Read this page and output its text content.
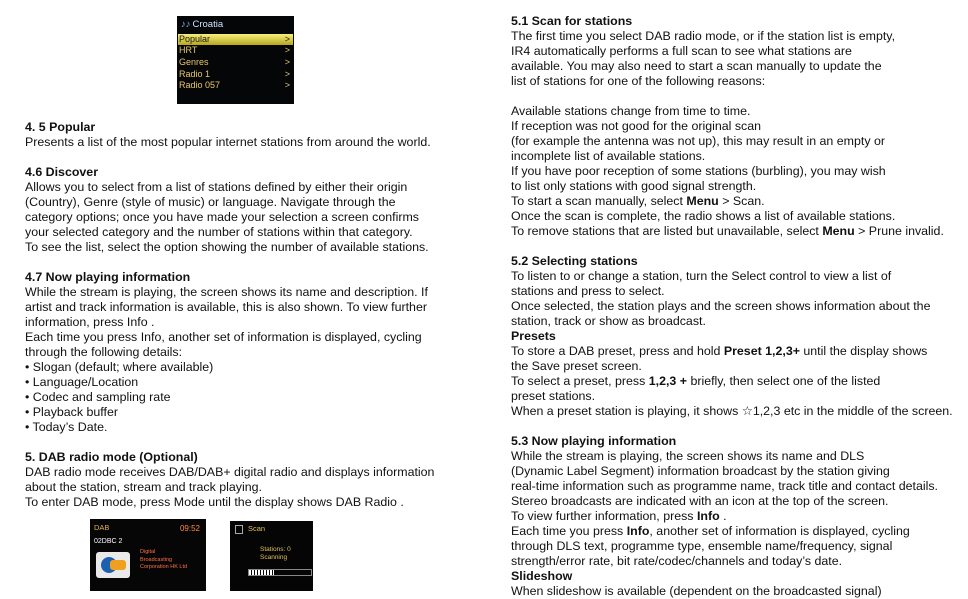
♪♪ Croatia
Popular	>
HRT	>
Genres	>
Radio 1	>
Radio 057	>
4. 5 Popular
Presents a list of the most popular internet stations from around the world.
4.6 Discover
Allows you to select from a list of stations defined by either their origin
(Country), Genre (style of music) or language. Navigate through the
category options; once you have made your selection a screen confirms
your selected category and the number of stations within that category.
To see the list, select the option showing the number of available stations.
4.7 Now playing information
While the stream is playing, the screen shows its name and description. If
artist and track information is available, this is also shown. To view further
information, press Info .
Each time you press Info, another set of information is displayed, cycling
through the following details:
• Slogan (default; where available)
• Language/Location
• Codec and sampling rate
• Playback buffer
• Today’s Date.
5. DAB radio mode (Optional)
DAB radio mode receives DAB/DAB+ digital radio and displays information
about the station, stream and track playing.
To enter DAB mode, press Mode until the display shows DAB Radio .
DAB	09:52
02DBC 2
Digital
Broadcasting
Corporation HK Ltd
Scan
Stations: 0
Scanning
5.1 Scan for stations
The first time you select DAB radio mode, or if the station list is empty,
IR4 automatically performs a full scan to see what stations are
available. You may also need to start a scan manually to update the
list of stations for one of the following reasons:
Available stations change from time to time.
If reception was not good for the original scan
(for example the antenna was not up), this may result in an empty or
incomplete list of available stations.
If you have poor reception of some stations (burbling), you may wish
to list only stations with good signal strength.
To start a scan manually, select Menu > Scan.
Once the scan is complete, the radio shows a list of available stations.
To remove stations that are listed but unavailable, select Menu > Prune invalid.
5.2 Selecting stations
To listen to or change a station, turn the Select control to view a list of
stations and press to select.
Once selected, the station plays and the screen shows information about the
station, track or show as broadcast.
Presets
To store a DAB preset, press and hold Preset 1,2,3+ until the display shows
the Save preset screen.
To select a preset, press 1,2,3 + briefly, then select one of the listed
preset stations.
When a preset station is playing, it shows ☆1,2,3 etc in the middle of the screen.
5.3 Now playing information
While the stream is playing, the screen shows its name and DLS
(Dynamic Label Segment) information broadcast by the station giving
real-time information such as programme name, track title and contact details.
Stereo broadcasts are indicated with an icon at the top of the screen.
To view further information, press Info .
Each time you press Info, another set of information is displayed, cycling
through DLS text, programme type, ensemble name/frequency, signal
strength/error rate, bit rate/codec/channels and today’s date.
Slideshow
When slideshow is available (dependent on the broadcasted signal)
